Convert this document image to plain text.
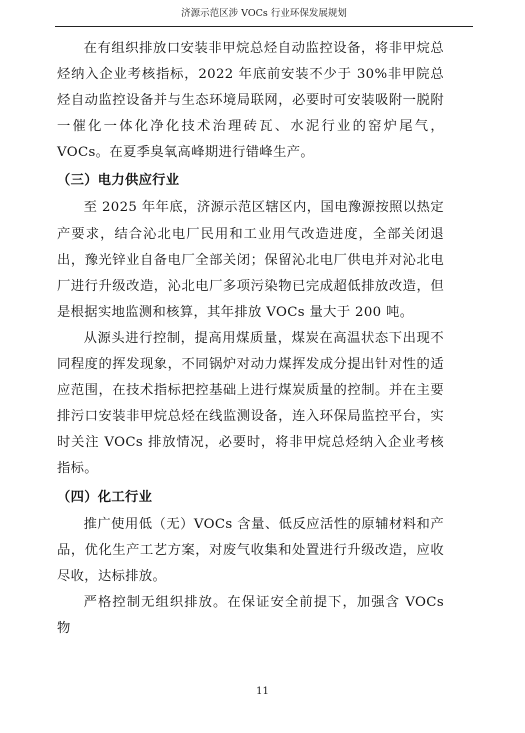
济源示范区涉 VOCs 行业环保发展规划

在有组织排放口安装非甲烷总烃自动监控设备，将非甲烷总烃纳入企业考核指标，2022 年底前安装不少于 30%非甲院总烃自动监控设备并与生态环境局联网，必要时可安装吸附一脱附一催化一体化净化技术治理砖瓦、水泥行业的窑炉尾气，VOCs。在夏季臭氧高峰期进行错峰生产。

（三）电力供应行业

至 2025 年年底，济源示范区辖区内，国电豫源按照以热定产要求，结合沁北电厂民用和工业用气改造进度，全部关闭退出，豫光锌业自备电厂全部关闭；保留沁北电厂供电并对沁北电厂进行升级改造，沁北电厂多项污染物已完成超低排放改造，但是根据实地监测和核算，其年排放 VOCs 量大于 200 吨。

从源头进行控制，提高用煤质量，煤炭在高温状态下出现不同程度的挥发现象，不同锅炉对动力煤挥发成分提出针对性的适应范围，在技术指标把控基础上进行煤炭质量的控制。并在主要排污口安装非甲烷总烃在线监测设备，连入环保局监控平台，实时关注 VOCs 排放情况，必要时，将非甲烷总烃纳入企业考核指标。

（四）化工行业

推广使用低（无）VOCs 含量、低反应活性的原辅材料和产品，优化生产工艺方案，对废气收集和处置进行升级改造，应收尽收，达标排放。

严格控制无组织排放。在保证安全前提下，加强含 VOCs 物

11
